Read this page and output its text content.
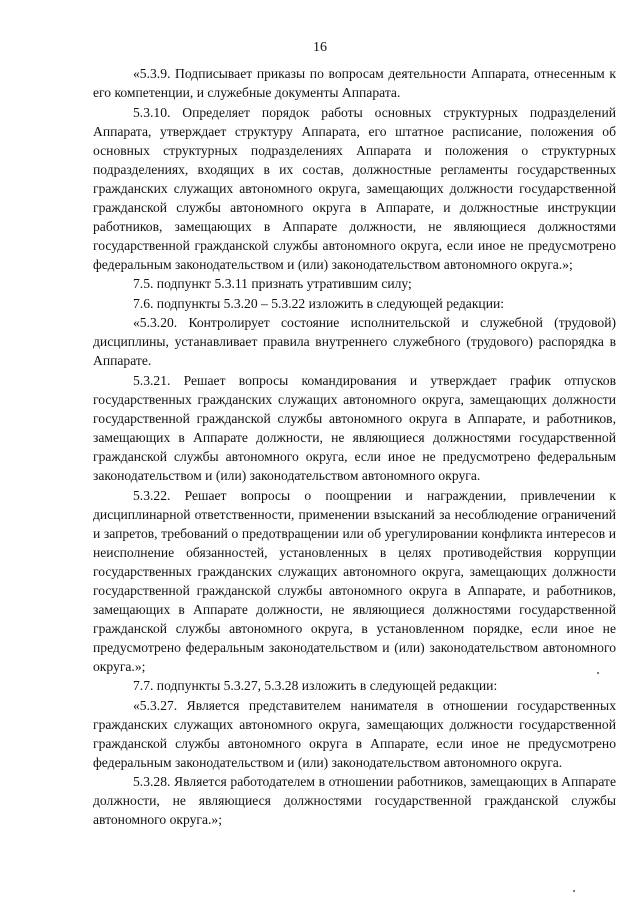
16

«5.3.9. Подписывает приказы по вопросам деятельности Аппарата, отнесенным к его компетенции, и служебные документы Аппарата.

5.3.10. Определяет порядок работы основных структурных подразделений Аппарата, утверждает структуру Аппарата, его штатное расписание, положения об основных структурных подразделениях Аппарата и положения о структурных подразделениях, входящих в их состав, должностные регламенты государственных гражданских служащих автономного округа, замещающих должности государственной гражданской службы автономного округа в Аппарате, и должностные инструкции работников, замещающих в Аппарате должности, не являющиеся должностями государственной гражданской службы автономного округа, если иное не предусмотрено федеральным законодательством и (или) законодательством автономного округа.»;

7.5. подпункт 5.3.11 признать утратившим силу;

7.6. подпункты 5.3.20 – 5.3.22 изложить в следующей редакции:

«5.3.20. Контролирует состояние исполнительской и служебной (трудовой) дисциплины, устанавливает правила внутреннего служебного (трудового) распорядка в Аппарате.

5.3.21. Решает вопросы командирования и утверждает график отпусков государственных гражданских служащих автономного округа, замещающих должности государственной гражданской службы автономного округа в Аппарате, и работников, замещающих в Аппарате должности, не являющиеся должностями государственной гражданской службы автономного округа, если иное не предусмотрено федеральным законодательством и (или) законодательством автономного округа.

5.3.22. Решает вопросы о поощрении и награждении, привлечении к дисциплинарной ответственности, применении взысканий за несоблюдение ограничений и запретов, требований о предотвращении или об урегулировании конфликта интересов и неисполнение обязанностей, установленных в целях противодействия коррупции государственных гражданских служащих автономного округа, замещающих должности государственной гражданской службы автономного округа в Аппарате, и работников, замещающих в Аппарате должности, не являющиеся должностями государственной гражданской службы автономного округа, в установленном порядке, если иное не предусмотрено федеральным законодательством и (или) законодательством автономного округа.»;

7.7. подпункты 5.3.27, 5.3.28 изложить в следующей редакции:

«5.3.27. Является представителем нанимателя в отношении государственных гражданских служащих автономного округа, замещающих должности государственной гражданской службы автономного округа в Аппарате, если иное не предусмотрено федеральным законодательством и (или) законодательством автономного округа.

5.3.28. Является работодателем в отношении работников, замещающих в Аппарате должности, не являющиеся должностями государственной гражданской службы автономного округа.»;
